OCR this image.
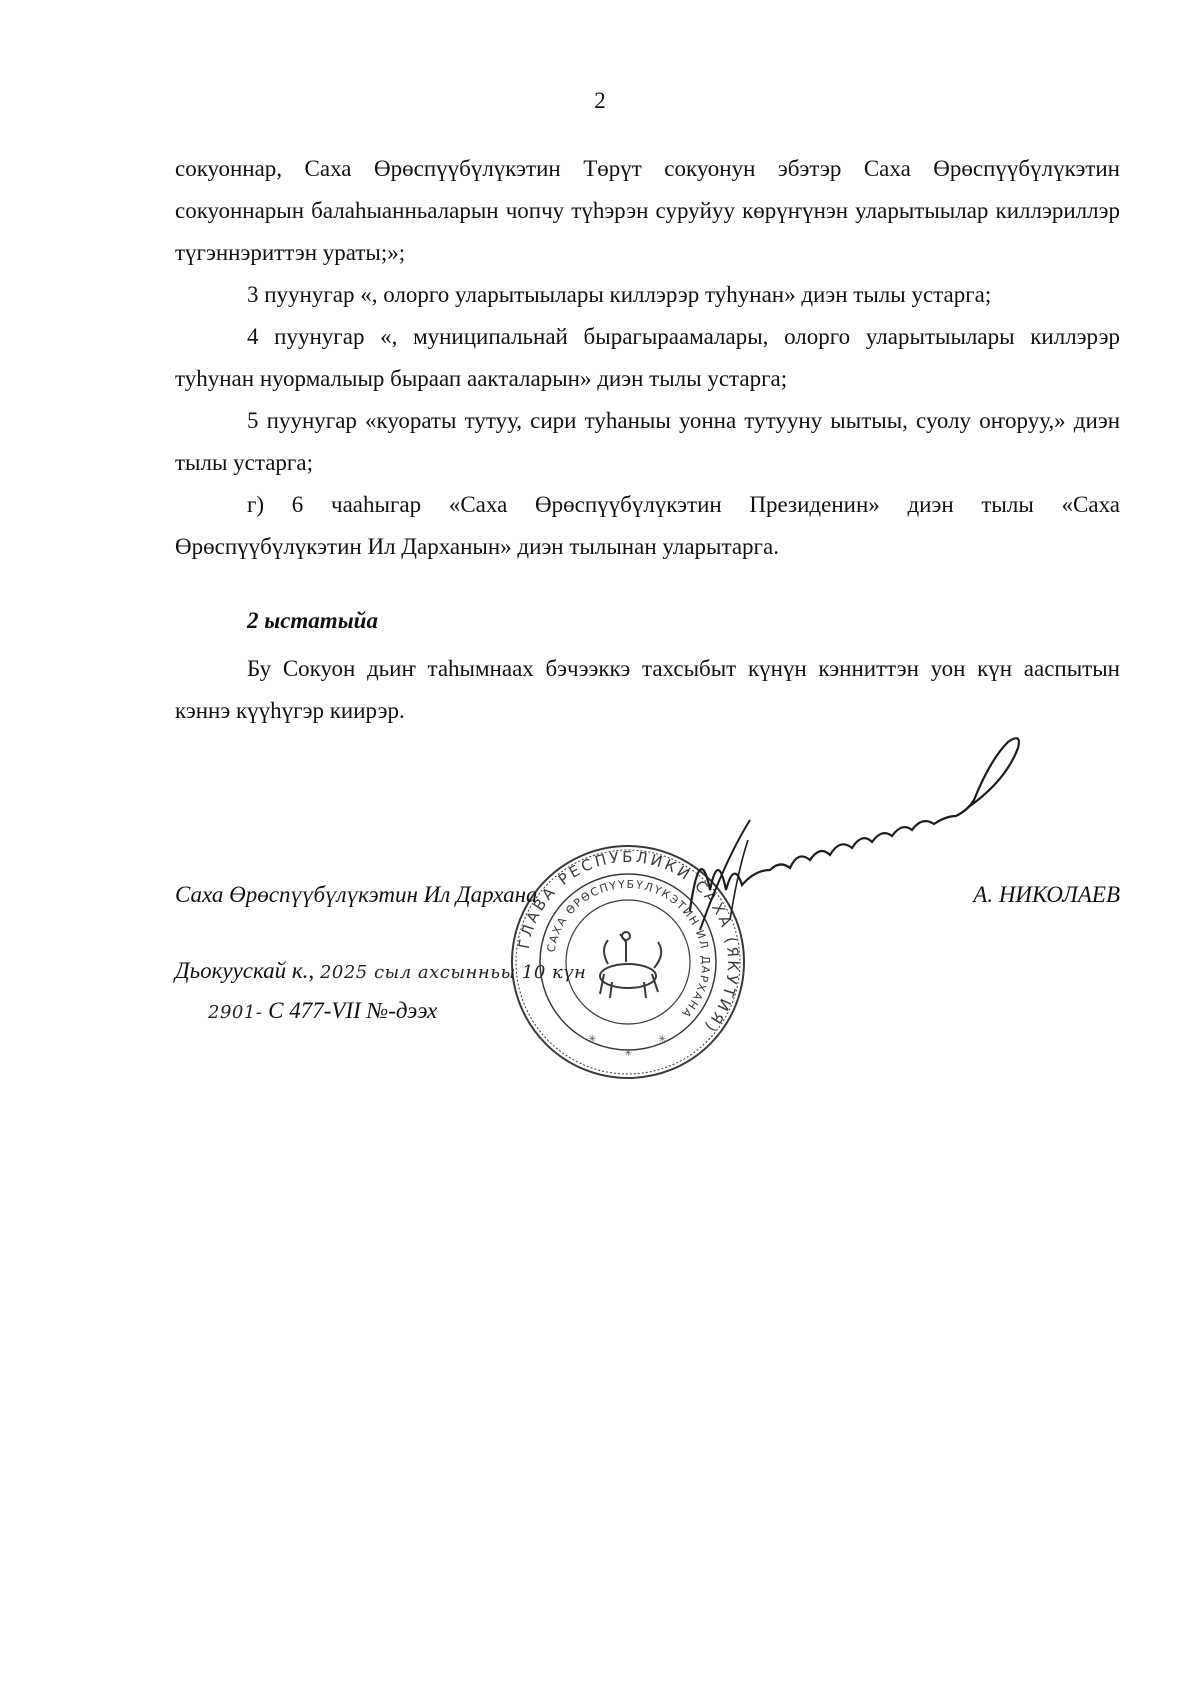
2

сокуоннар, Саха Өрөспүүбүлүкэтин Төрүт сокуонун эбэтэр Саха Өрөспүүбүлүкэтин сокуоннарын балаһыанньаларын чопчу түһэрэн суруйуу көрүҥүнэн уларытыылар киллэриллэр түгэннэриттэн ураты;»;

3 пуунугар «, олорго уларытыылары киллэрэр туһунан» диэн тылы устарга;

4 пуунугар «, муниципальнай бырагыраамалары, олорго уларытыылары киллэрэр туһунан нуормалыыр быраап аакталарын» диэн тылы устарга;

5 пуунугар «куораты тутуу, сири туһаныы уонна тутууну ыытыы, суолу оҥоруу,» диэн тылы устарга;

г) 6 чааһыгар «Саха Өрөспүүбүлүкэтин Президенин» диэн тылы «Саха Өрөспүүбүлүкэтин Ил Дарханын» диэн тылынан уларытарга.

2 ыстатыйа

Бу Сокуон дьиҥ таһымнаах бэчээккэ тахсыбыт күнүн кэнниттэн уон күн ааспытын кэннэ күүһүгэр киирэр.

ГЛАВА РЕСПУБЛИКИ САХА (ЯКУТИЯ)
САХА ӨРӨСПҮҮБҮЛҮКЭТИН ИЛ ДАРХАНА
✳	✳
✳
Саха Өрөспүүбүлүкэтин Ил Дархана	А. НИКОЛАЕВ
Дьокуускай к., 2025 сыл ахсынньы 10 күн
2901- С 477-VII №-дээх
